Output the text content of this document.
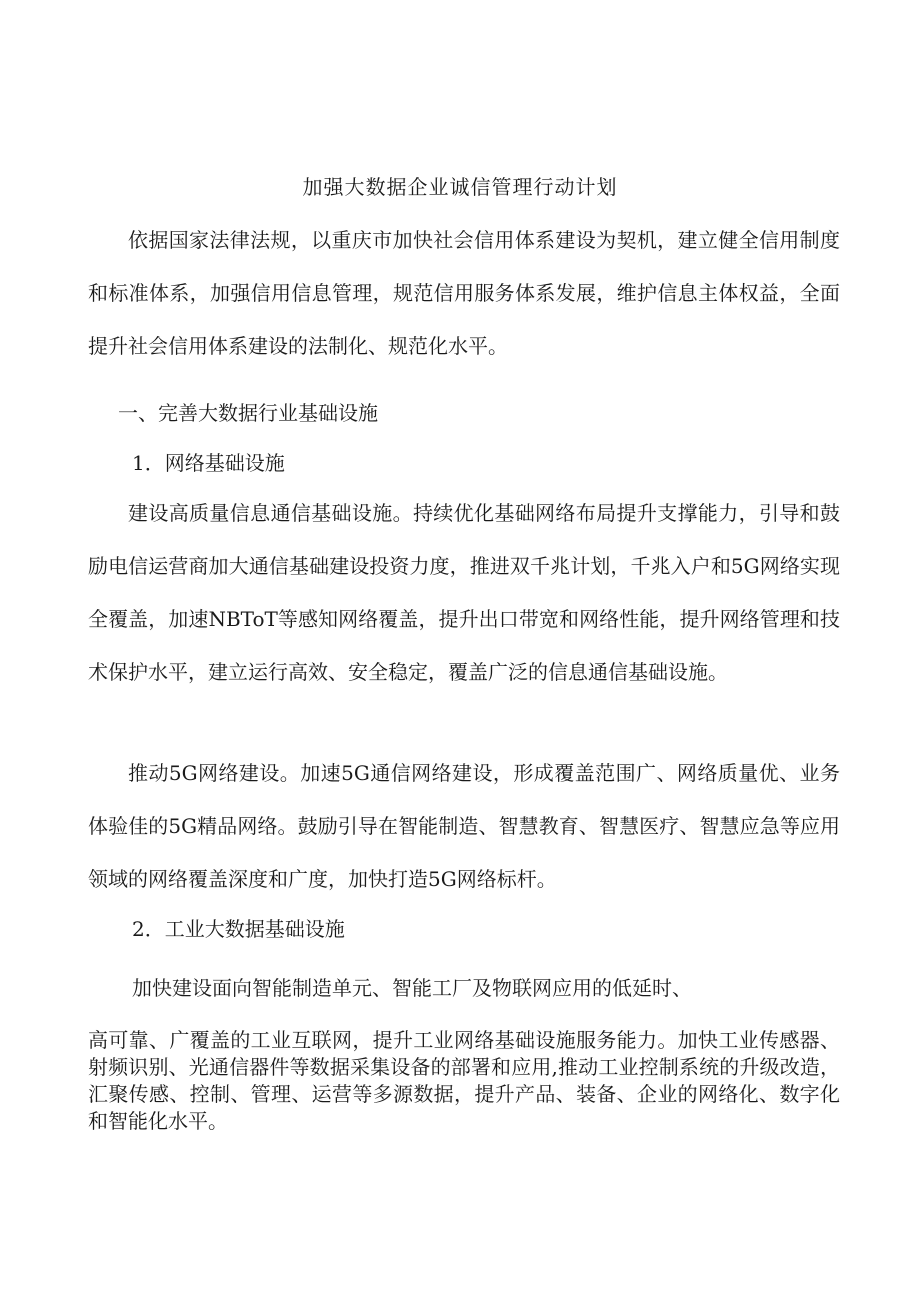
加强大数据企业诚信管理行动计划

依据国家法律法规，以重庆市加快社会信用体系建设为契机，建立健全信用制度和标准体系，加强信用信息管理，规范信用服务体系发展，维护信息主体权益，全面提升社会信用体系建设的法制化、规范化水平。

一、完善大数据行业基础设施
1．网络基础设施

建设高质量信息通信基础设施。持续优化基础网络布局提升支撑能力，引导和鼓励电信运营商加大通信基础建设投资力度，推进双千兆计划，千兆入户和5G网络实现全覆盖，加速NBToT等感知网络覆盖，提升出口带宽和网络性能，提升网络管理和技术保护水平，建立运行高效、安全稳定，覆盖广泛的信息通信基础设施。

推动5G网络建设。加速5G通信网络建设，形成覆盖范围广、网络质量优、业务体验佳的5G精品网络。鼓励引导在智能制造、智慧教育、智慧医疗、智慧应急等应用领域的网络覆盖深度和广度，加快打造5G网络标杆。

2．工业大数据基础设施
加快建设面向智能制造单元、智能工厂及物联网应用的低延时、

高可靠、广覆盖的工业互联网，提升工业网络基础设施服务能力。加快工业传感器、射频识别、光通信器件等数据采集设备的部署和应用,推动工业控制系统的升级改造，汇聚传感、控制、管理、运营等多源数据，提升产品、装备、企业的网络化、数字化和智能化水平。
